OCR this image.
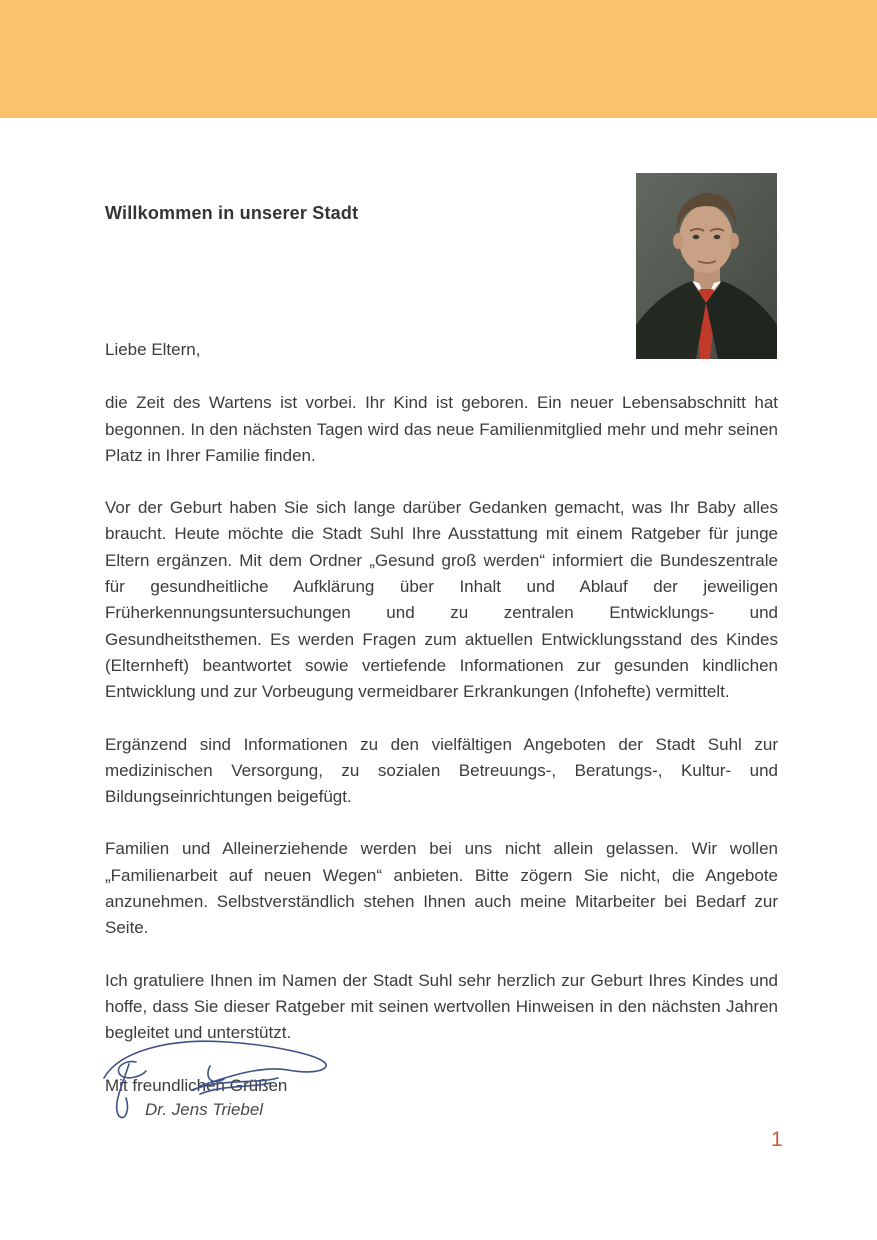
Willkommen in unserer Stadt

Liebe Eltern,

die Zeit des Wartens ist vorbei. Ihr Kind ist geboren. Ein neuer Lebensabschnitt hat begonnen. In den nächsten Tagen wird das neue Familienmitglied mehr und mehr seinen Platz in Ihrer Familie finden.

Vor der Geburt haben Sie sich lange darüber Gedanken gemacht, was Ihr Baby alles braucht. Heute möchte die Stadt Suhl Ihre Ausstattung mit einem Ratgeber für junge Eltern ergänzen. Mit dem Ordner „Gesund groß werden“ informiert die Bundeszentrale für gesundheitliche Aufklärung über Inhalt und Ablauf der jeweiligen Früherkennungsuntersuchungen und zu zentralen Entwicklungs- und Gesundheitsthemen. Es werden Fragen zum aktuellen Entwicklungsstand des Kindes (Elternheft) beantwortet sowie vertiefende Informationen zur gesunden kindlichen Entwicklung und zur Vorbeugung vermeidbarer Erkrankungen (Infohefte) vermittelt.

Ergänzend sind Informationen zu den vielfältigen Angeboten der Stadt Suhl zur medizinischen Versorgung, zu sozialen Betreuungs-, Beratungs-, Kultur- und Bildungseinrichtungen beigefügt.

Familien und Alleinerziehende werden bei uns nicht allein gelassen. Wir wollen „Familienarbeit auf neuen Wegen“ anbieten. Bitte zögern Sie nicht, die Angebote anzunehmen. Selbstverständlich stehen Ihnen auch meine Mitarbeiter bei Bedarf zur Seite.

Ich gratuliere Ihnen im Namen der Stadt Suhl sehr herzlich zur Geburt Ihres Kindes und hoffe, dass Sie dieser Ratgeber mit seinen wertvollen Hinweisen in den nächsten Jahren begleitet und unterstützt.

Mit freundlichen Grüßen

Dr. Jens Triebel
1
